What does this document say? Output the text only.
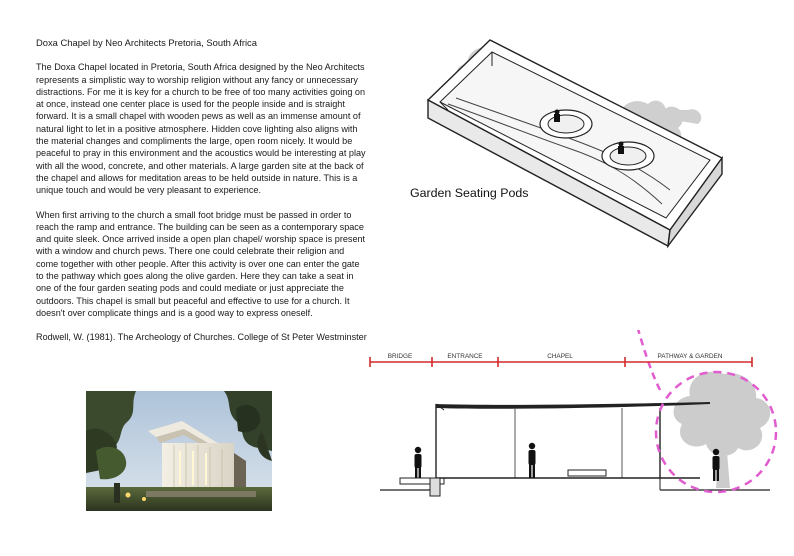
Doxa Chapel by Neo Architects Pretoria, South Africa

The Doxa Chapel located in Pretoria, South Africa designed by the Neo Architects represents a simplistic way to worship religion without any fancy or unnecessary distractions. For me it is key for a church to be free of too many activities going on at once, instead one center place is used for the people inside and is straight forward. It is a small chapel with wooden pews as well as an immense amount of natural light to let in a positive atmosphere. Hidden cove lighting also aligns with the material changes and compliments the large, open room nicely. It would be peaceful to pray in this environment and the acoustics would be interesting at play with all the wood, concrete, and other materials. A large garden site at the back of the chapel and allows for meditation areas to be held outside in nature. This is a unique touch and would be very pleasant to experience.

When first arriving to the church a small foot bridge must be passed in order to reach the ramp and entrance. The building can be seen as a contemporary space and quite sleek. Once arrived inside a open plan chapel/ worship space is present with a window and church pews. There one could celebrate their religion and come together with other people. After this activity is over one can enter the gate to the pathway which goes along the olive garden. Here they can take a seat in one of the four garden seating pods and could mediate or just appreciate the outdoors. This chapel is small but peaceful and effective to use for a church. It doesn't over complicate things and is a good way to express oneself.

Rodwell, W. (1981). The Archeology of Churches. College of St Peter Westminster

Garden Seating Pods
BRIDGE	ENTRANCE	CHAPEL	PATHWAY & GARDEN
